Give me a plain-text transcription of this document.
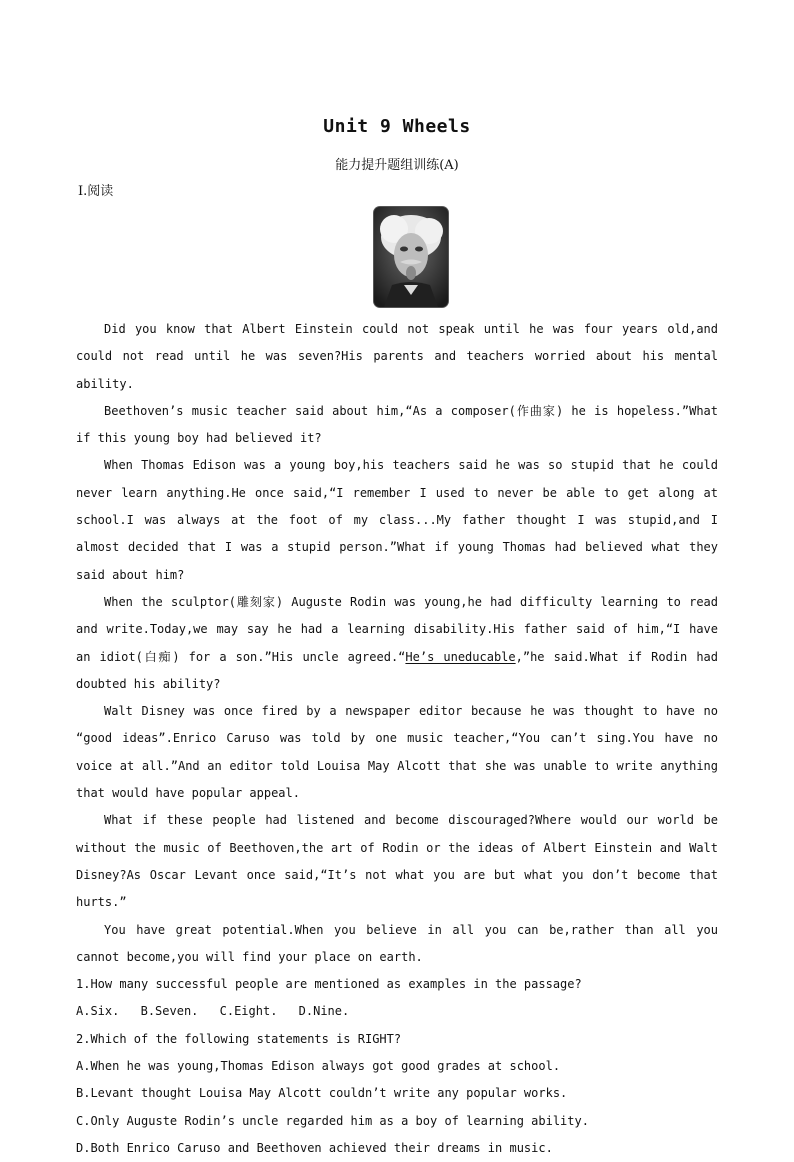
Unit 9 Wheels
能力提升题组训练(A)
Ⅰ.阅读

Did you know that Albert Einstein could not speak until he was four years old,and could not read until he was seven?His parents and teachers worried about his mental ability.

Beethoven’s music teacher said about him,“As a composer(作曲家) he is hopeless.”What if this young boy had believed it?

When Thomas Edison was a young boy,his teachers said he was so stupid that he could never learn anything.He once said,“I remember I used to never be able to get along at school.I was always at the foot of my class...My father thought I was stupid,and I almost decided that I was a stupid person.”What if young Thomas had believed what they said about him?

When the sculptor(雕刻家) Auguste Rodin was young,he had difficulty learning to read and write.Today,we may say he had a learning disability.His father said of him,“I have an idiot(白痴) for a son.”His uncle agreed.“He’s uneducable,”he said.What if Rodin had doubted his ability?

Walt Disney was once fired by a newspaper editor because he was thought to have no “good ideas”.Enrico Caruso was told by one music teacher,“You can’t sing.You have no voice at all.”And an editor told Louisa May Alcott that she was unable to write anything that would have popular appeal.

What if these people had listened and become discouraged?Where would our world be without the music of Beethoven,the art of Rodin or the ideas of Albert Einstein and Walt Disney?As Oscar Levant once said,“It’s not what you are but what you don’t become that hurts.”

You have great potential.When you believe in all you can be,rather than all you cannot become,you will find your place on earth.

1.How many successful people are mentioned as examples in the passage?

A.Six. B.Seven. C.Eight. D.Nine.

2.Which of the following statements is RIGHT?

A.When he was young,Thomas Edison always got good grades at school.

B.Levant thought Louisa May Alcott couldn’t write any popular works.

C.Only Auguste Rodin’s uncle regarded him as a boy of learning ability.

D.Both Enrico Caruso and Beethoven achieved their dreams in music.
